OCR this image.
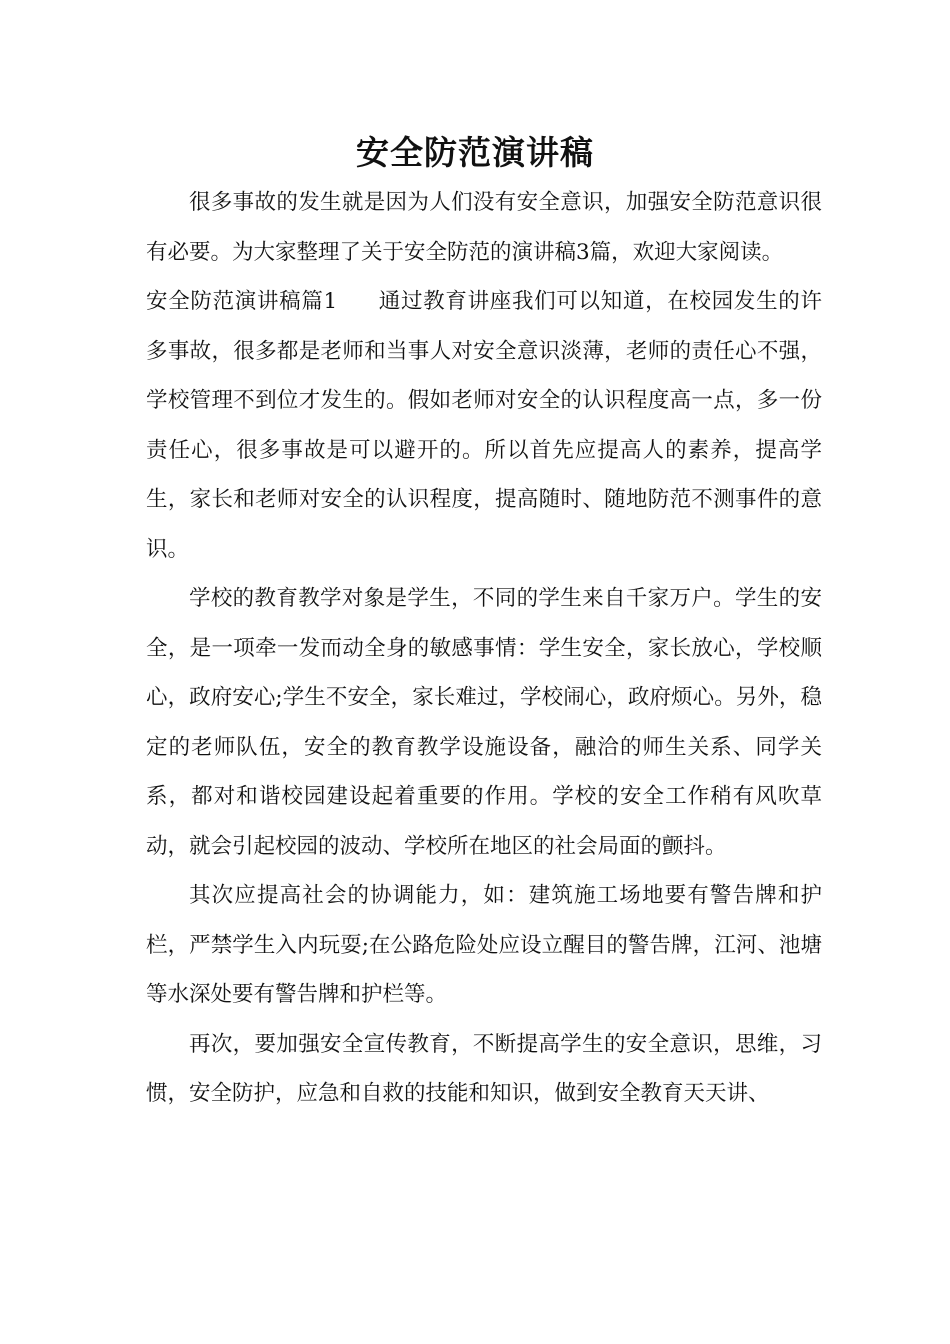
安全防范演讲稿

很多事故的发生就是因为人们没有安全意识，加强安全防范意识很有必要。为大家整理了关于安全防范的演讲稿3篇，欢迎大家阅读。

安全防范演讲稿篇1 通过教育讲座我们可以知道，在校园发生的许多事故，很多都是老师和当事人对安全意识淡薄，老师的责任心不强，学校管理不到位才发生的。假如老师对安全的认识程度高一点，多一份责任心，很多事故是可以避开的。所以首先应提高人的素养，提高学生，家长和老师对安全的认识程度，提高随时、随地防范不测事件的意识。

学校的教育教学对象是学生，不同的学生来自千家万户。学生的安全，是一项牵一发而动全身的敏感事情：学生安全，家长放心，学校顺心，政府安心;学生不安全，家长难过，学校闹心，政府烦心。另外，稳定的老师队伍，安全的教育教学设施设备，融洽的师生关系、同学关系，都对和谐校园建设起着重要的作用。学校的安全工作稍有风吹草动，就会引起校园的波动、学校所在地区的社会局面的颤抖。

其次应提高社会的协调能力，如：建筑施工场地要有警告牌和护栏，严禁学生入内玩耍;在公路危险处应设立醒目的警告牌，江河、池塘等水深处要有警告牌和护栏等。

再次，要加强安全宣传教育，不断提高学生的安全意识，思维，习惯，安全防护，应急和自救的技能和知识，做到安全教育天天讲、
